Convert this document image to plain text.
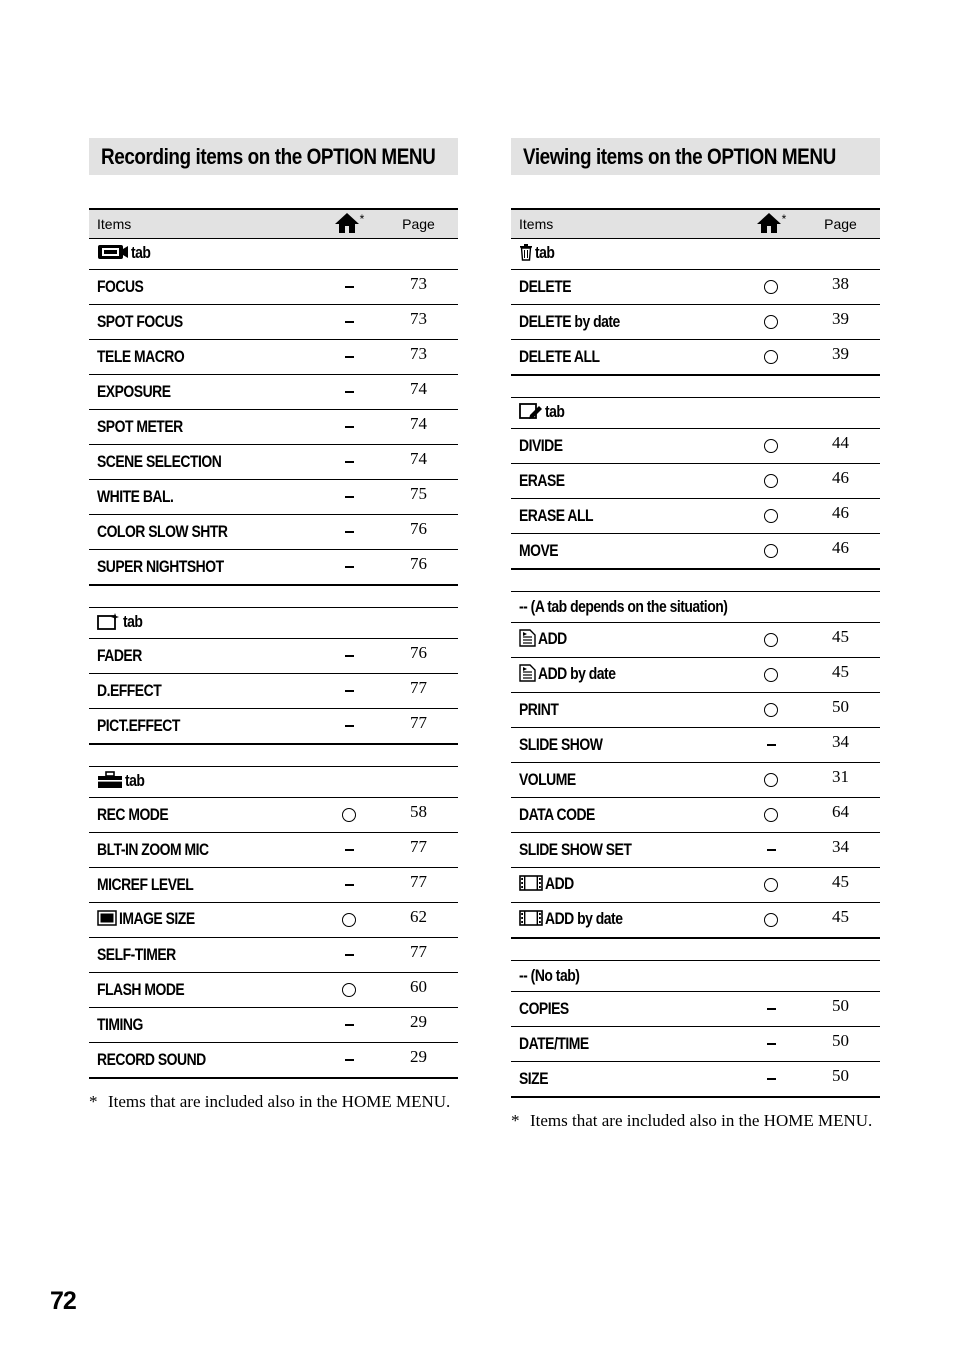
Recording items on the OPTION MENU
Items	*	Page
tab		
FOCUS		73
SPOT FOCUS		73
TELE MACRO		73
EXPOSURE		74
SPOT METER		74
SCENE SELECTION		74
WHITE BAL.		75
COLOR SLOW SHTR		76
SUPER NIGHTSHOT		76

tab		
FADER		76
D.EFFECT		77
PICT.EFFECT		77

tab		
REC MODE		58
BLT-IN ZOOM MIC		77
MICREF LEVEL		77
IMAGE SIZE		62
SELF-TIMER		77
FLASH MODE		60
TIMING		29
RECORD SOUND		29
* Items that are included also in the HOME MENU.
Viewing items on the OPTION MENU
Items	*	Page
tab		
DELETE		38
DELETE by date		39
DELETE ALL		39

tab		
DIVIDE		44
ERASE		46
ERASE ALL		46
MOVE		46

-- (A tab depends on the situation)		
ADD		45
ADD by date		45
PRINT		50
SLIDE SHOW		34
VOLUME		31
DATA CODE		64
SLIDE SHOW SET		34
ADD		45
ADD by date		45

-- (No tab)		
COPIES		50
DATE/TIME		50
SIZE		50
* Items that are included also in the HOME MENU.
72
